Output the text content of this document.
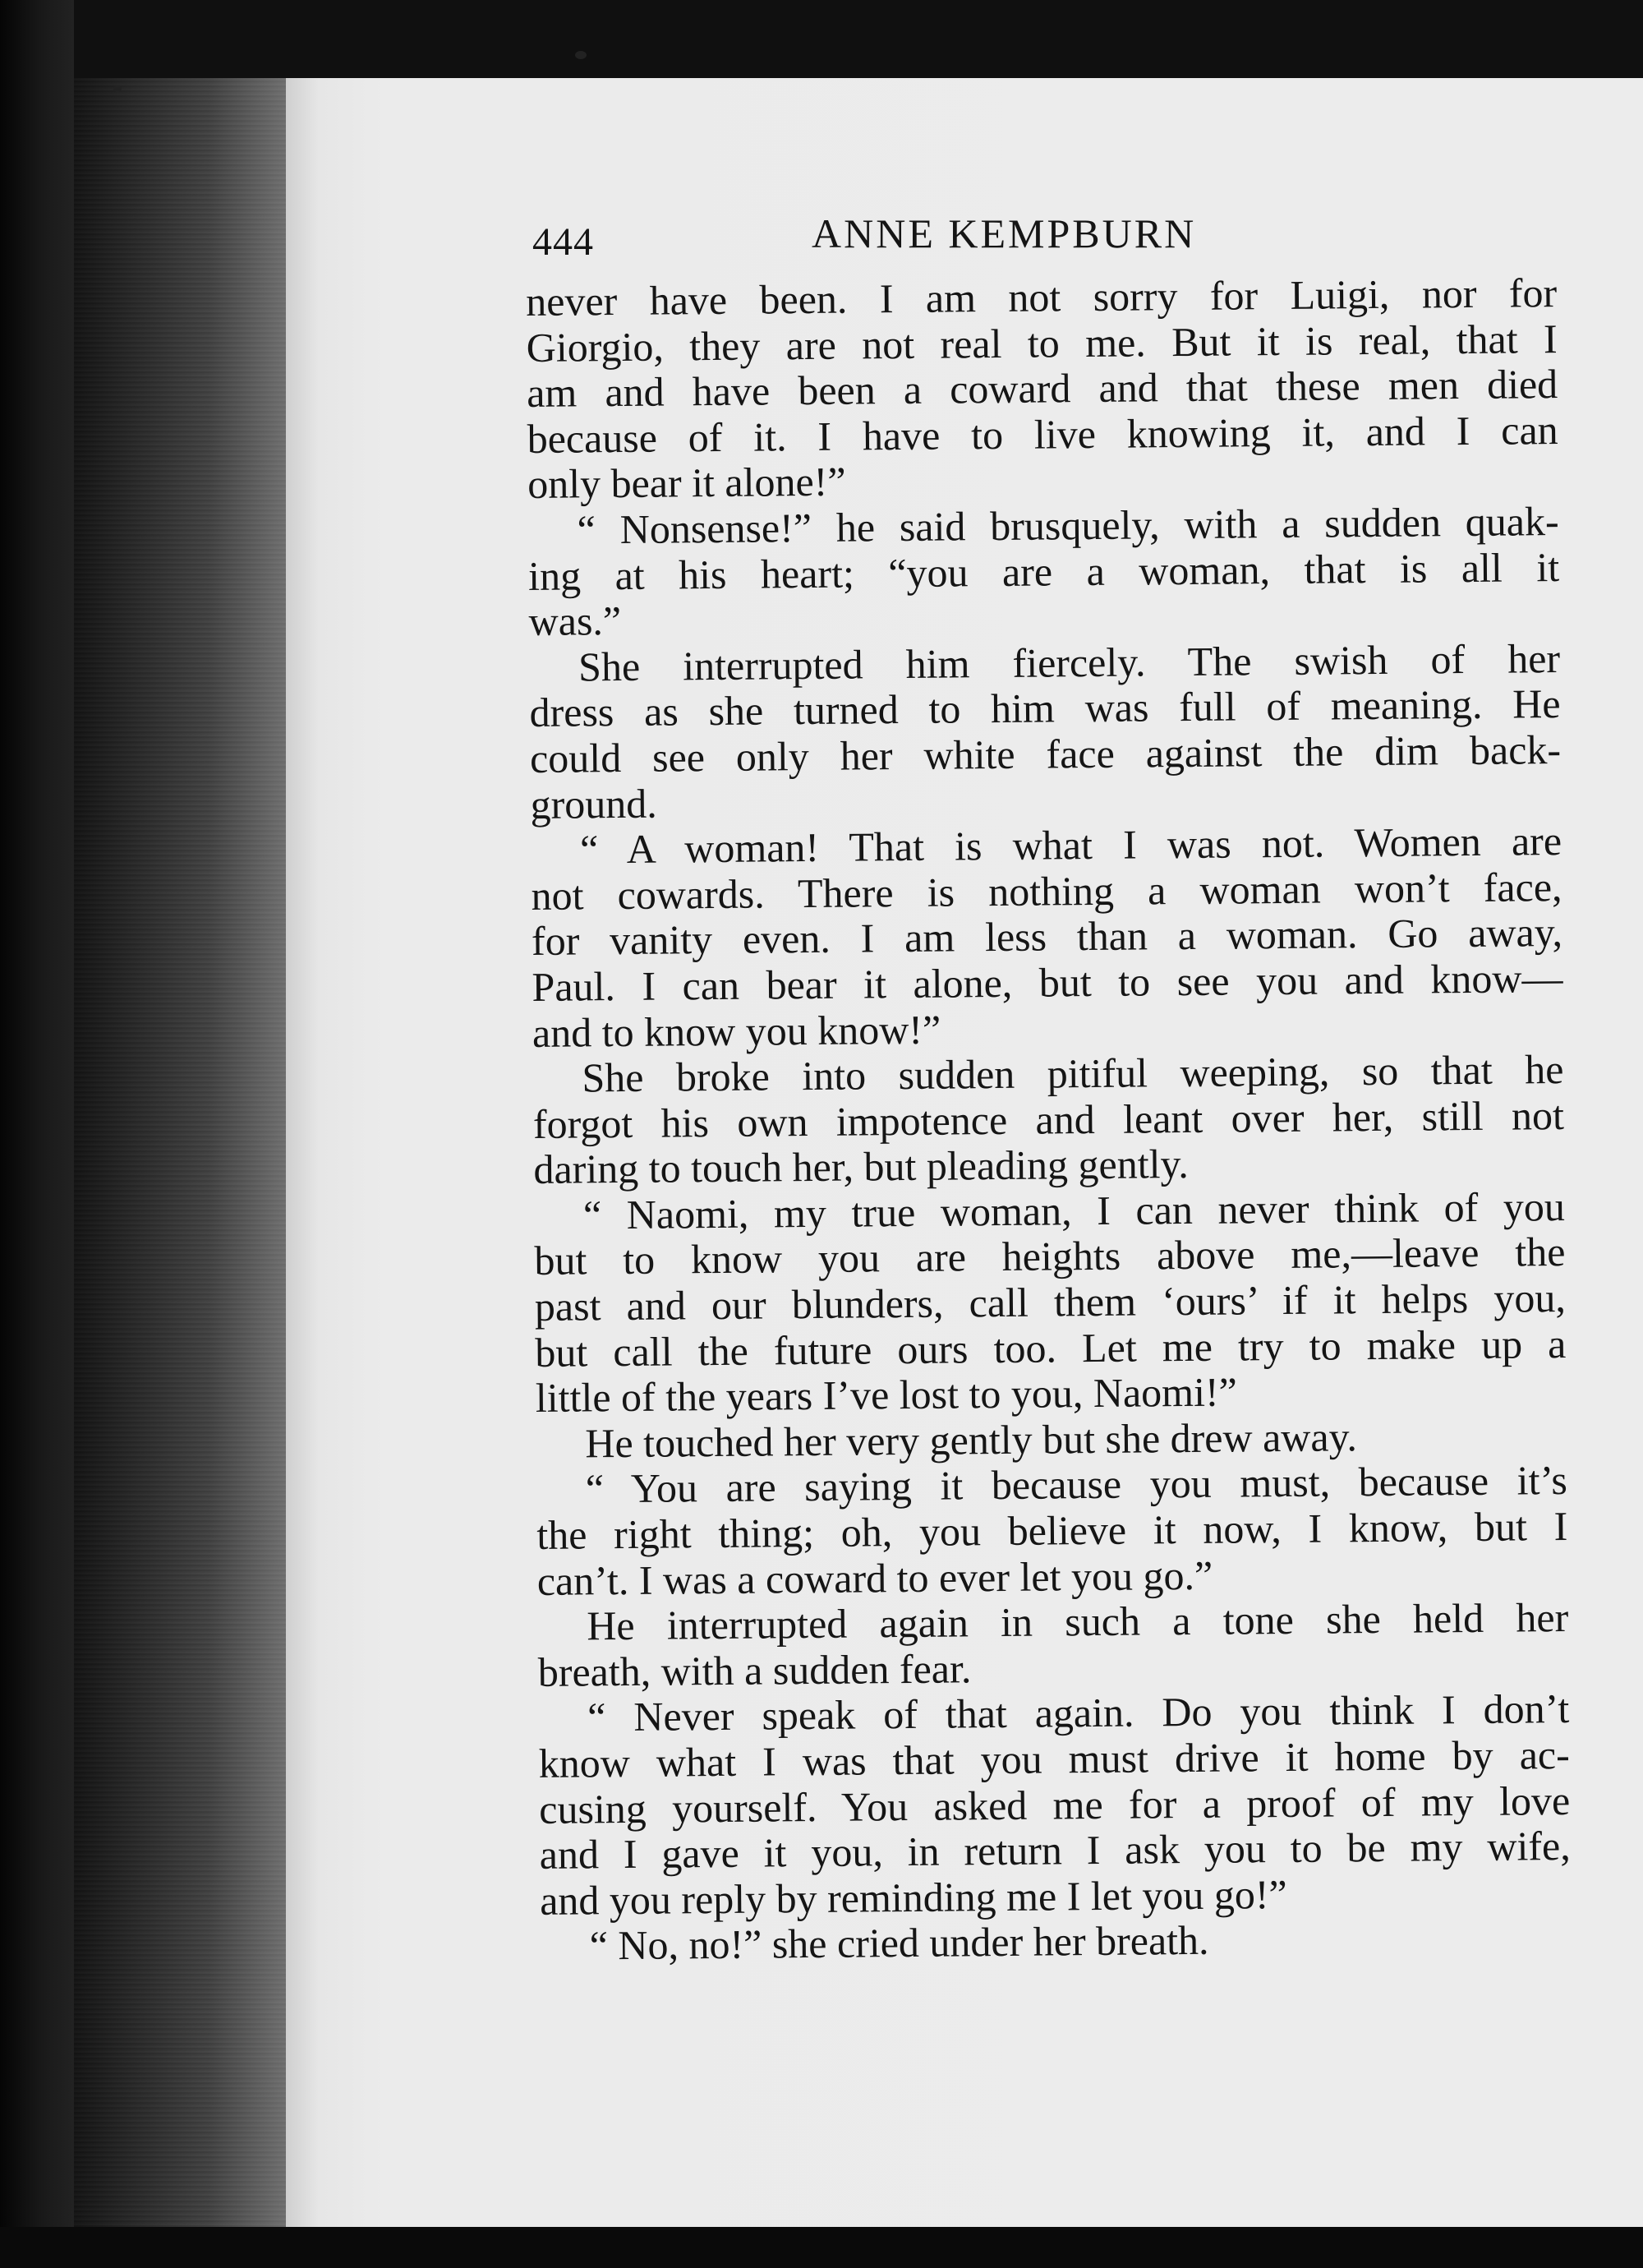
444	ANNE KEMPBURN
never have been. I am not sorry for Luigi, nor for
Giorgio, they are not real to me. But it is real, that I
am and have been a coward and that these men died
because of it. I have to live knowing it, and I can
only bear it alone!”
“ Nonsense!” he said brusquely, with a sudden quak-
ing at his heart; “you are a woman, that is all it
was.”
She interrupted him fiercely. The swish of her
dress as she turned to him was full of meaning. He
could see only her white face against the dim back-
ground.
“ A woman! That is what I was not. Women are
not cowards. There is nothing a woman won’t face,
for vanity even. I am less than a woman. Go away,
Paul. I can bear it alone, but to see you and know—
and to know you know!”
She broke into sudden pitiful weeping, so that he
forgot his own impotence and leant over her, still not
daring to touch her, but pleading gently.
“ Naomi, my true woman, I can never think of you
but to know you are heights above me,—leave the
past and our blunders, call them ‘ours’ if it helps you,
but call the future ours too. Let me try to make up a
little of the years I’ve lost to you, Naomi!”
He touched her very gently but she drew away.
“ You are saying it because you must, because it’s
the right thing; oh, you believe it now, I know, but I
can’t. I was a coward to ever let you go.”
He interrupted again in such a tone she held her
breath, with a sudden fear.
“ Never speak of that again. Do you think I don’t
know what I was that you must drive it home by ac-
cusing yourself. You asked me for a proof of my love
and I gave it you, in return I ask you to be my wife,
and you reply by reminding me I let you go!”
“ No, no!” she cried under her breath.
